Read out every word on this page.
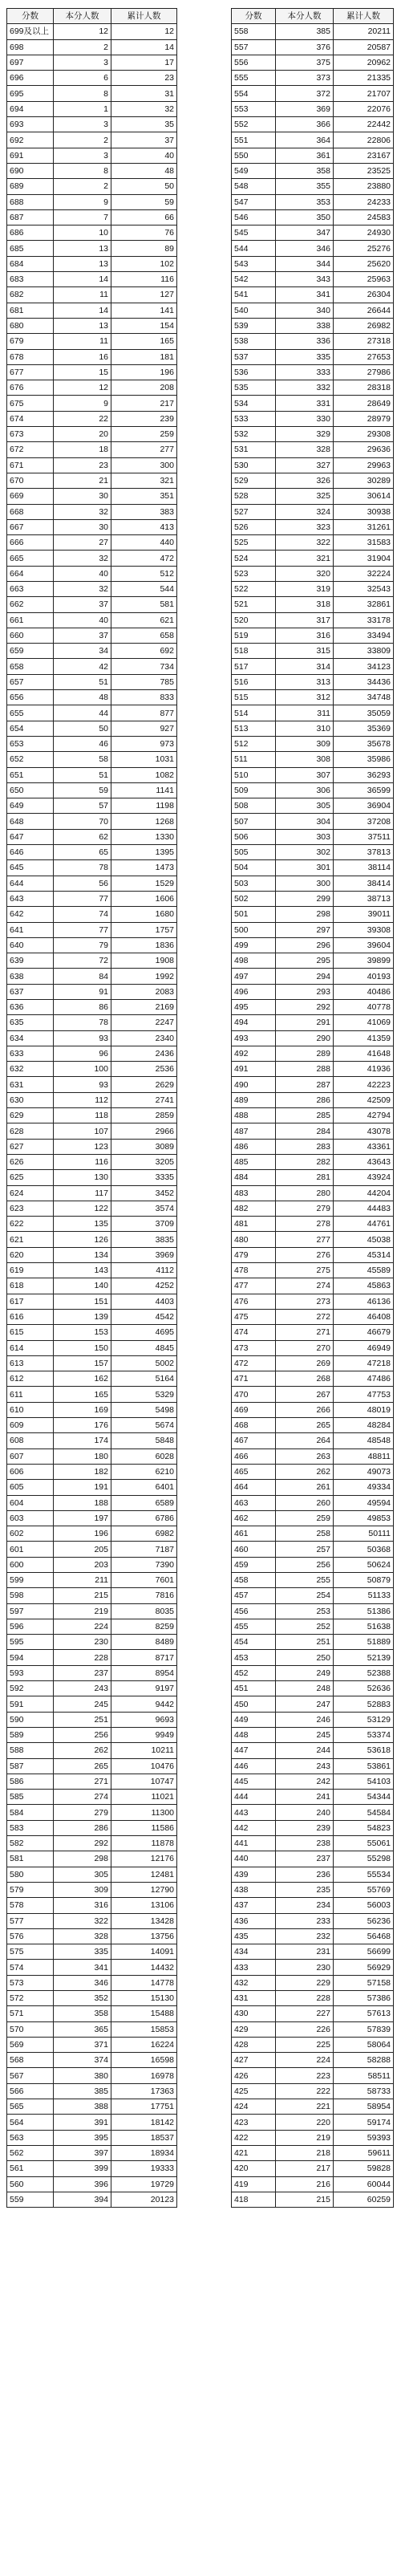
分数	本分人数	累计人数
699及以上	12	12
698	2	14
697	3	17
696	6	23
695	8	31
694	1	32
693	3	35
692	2	37
691	3	40
690	8	48
689	2	50
688	9	59
687	7	66
686	10	76
685	13	89
684	13	102
683	14	116
682	11	127
681	14	141
680	13	154
679	11	165
678	16	181
677	15	196
676	12	208
675	9	217
674	22	239
673	20	259
672	18	277
671	23	300
670	21	321
669	30	351
668	32	383
667	30	413
666	27	440
665	32	472
664	40	512
663	32	544
662	37	581
661	40	621
660	37	658
659	34	692
658	42	734
657	51	785
656	48	833
655	44	877
654	50	927
653	46	973
652	58	1031
651	51	1082
650	59	1141
649	57	1198
648	70	1268
647	62	1330
646	65	1395
645	78	1473
644	56	1529
643	77	1606
642	74	1680
641	77	1757
640	79	1836
639	72	1908
638	84	1992
637	91	2083
636	86	2169
635	78	2247
634	93	2340
633	96	2436
632	100	2536
631	93	2629
630	112	2741
629	118	2859
628	107	2966
627	123	3089
626	116	3205
625	130	3335
624	117	3452
623	122	3574
622	135	3709
621	126	3835
620	134	3969
619	143	4112
618	140	4252
617	151	4403
616	139	4542
615	153	4695
614	150	4845
613	157	5002
612	162	5164
611	165	5329
610	169	5498
609	176	5674
608	174	5848
607	180	6028
606	182	6210
605	191	6401
604	188	6589
603	197	6786
602	196	6982
601	205	7187
600	203	7390
599	211	7601
598	215	7816
597	219	8035
596	224	8259
595	230	8489
594	228	8717
593	237	8954
592	243	9197
591	245	9442
590	251	9693
589	256	9949
588	262	10211
587	265	10476
586	271	10747
585	274	11021
584	279	11300
583	286	11586
582	292	11878
581	298	12176
580	305	12481
579	309	12790
578	316	13106
577	322	13428
576	328	13756
575	335	14091
574	341	14432
573	346	14778
572	352	15130
571	358	15488
570	365	15853
569	371	16224
568	374	16598
567	380	16978
566	385	17363
565	388	17751
564	391	18142
563	395	18537
562	397	18934
561	399	19333
560	396	19729
559	394	20123
分数	本分人数	累计人数
558	385	20211
557	376	20587
556	375	20962
555	373	21335
554	372	21707
553	369	22076
552	366	22442
551	364	22806
550	361	23167
549	358	23525
548	355	23880
547	353	24233
546	350	24583
545	347	24930
544	346	25276
543	344	25620
542	343	25963
541	341	26304
540	340	26644
539	338	26982
538	336	27318
537	335	27653
536	333	27986
535	332	28318
534	331	28649
533	330	28979
532	329	29308
531	328	29636
530	327	29963
529	326	30289
528	325	30614
527	324	30938
526	323	31261
525	322	31583
524	321	31904
523	320	32224
522	319	32543
521	318	32861
520	317	33178
519	316	33494
518	315	33809
517	314	34123
516	313	34436
515	312	34748
514	311	35059
513	310	35369
512	309	35678
511	308	35986
510	307	36293
509	306	36599
508	305	36904
507	304	37208
506	303	37511
505	302	37813
504	301	38114
503	300	38414
502	299	38713
501	298	39011
500	297	39308
499	296	39604
498	295	39899
497	294	40193
496	293	40486
495	292	40778
494	291	41069
493	290	41359
492	289	41648
491	288	41936
490	287	42223
489	286	42509
488	285	42794
487	284	43078
486	283	43361
485	282	43643
484	281	43924
483	280	44204
482	279	44483
481	278	44761
480	277	45038
479	276	45314
478	275	45589
477	274	45863
476	273	46136
475	272	46408
474	271	46679
473	270	46949
472	269	47218
471	268	47486
470	267	47753
469	266	48019
468	265	48284
467	264	48548
466	263	48811
465	262	49073
464	261	49334
463	260	49594
462	259	49853
461	258	50111
460	257	50368
459	256	50624
458	255	50879
457	254	51133
456	253	51386
455	252	51638
454	251	51889
453	250	52139
452	249	52388
451	248	52636
450	247	52883
449	246	53129
448	245	53374
447	244	53618
446	243	53861
445	242	54103
444	241	54344
443	240	54584
442	239	54823
441	238	55061
440	237	55298
439	236	55534
438	235	55769
437	234	56003
436	233	56236
435	232	56468
434	231	56699
433	230	56929
432	229	57158
431	228	57386
430	227	57613
429	226	57839
428	225	58064
427	224	58288
426	223	58511
425	222	58733
424	221	58954
423	220	59174
422	219	59393
421	218	59611
420	217	59828
419	216	60044
418	215	60259
